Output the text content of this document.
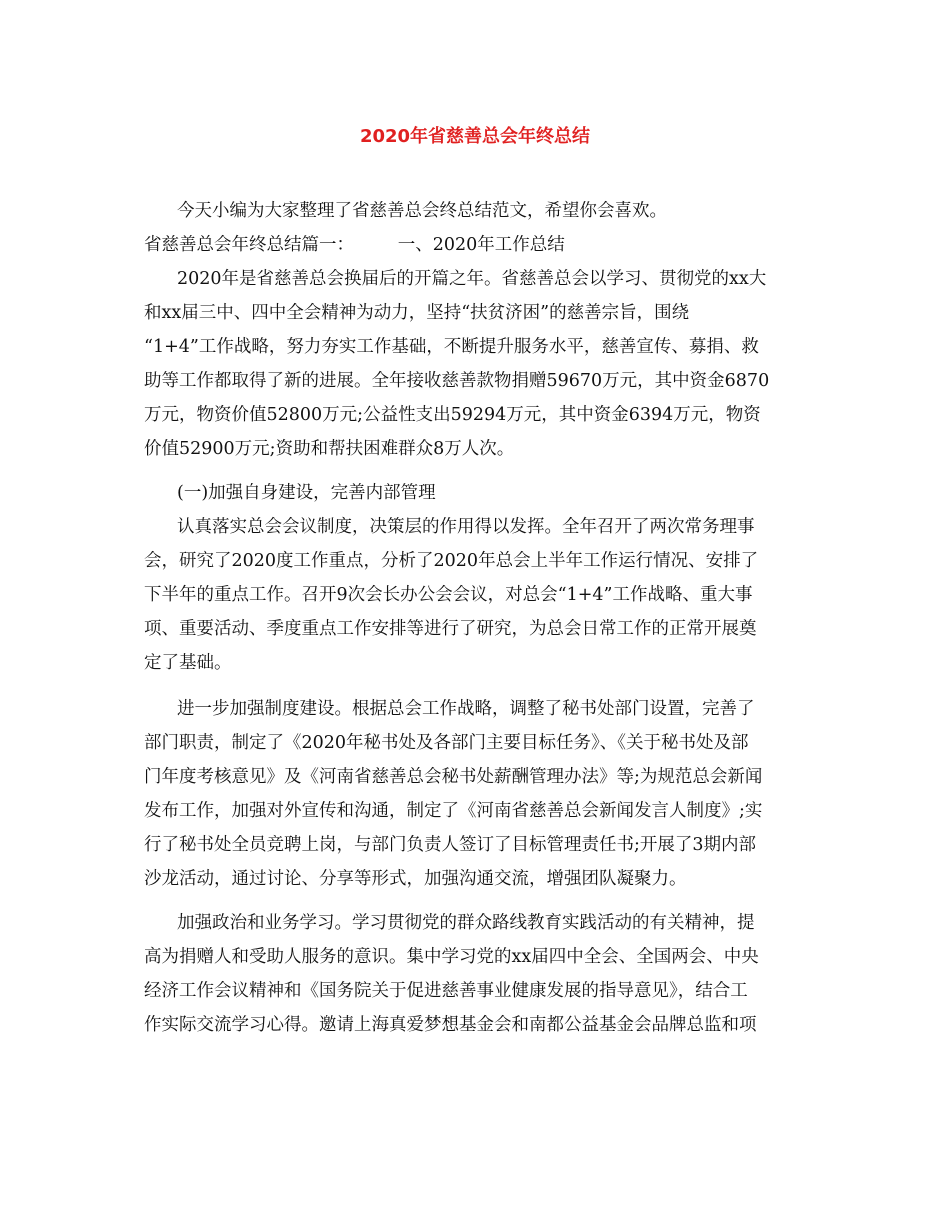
2020年省慈善总会年终总结
今天小编为大家整理了省慈善总会终总结范文，希望你会喜欢。
省慈善总会年终总结篇一：　　　一、2020年工作总结
2020年是省慈善总会换届后的开篇之年。省慈善总会以学习、贯彻党的xx大
和xx届三中、四中全会精神为动力，坚持“扶贫济困”的慈善宗旨，围绕
“1+4”工作战略，努力夯实工作基础，不断提升服务水平，慈善宣传、募捐、救
助等工作都取得了新的进展。全年接收慈善款物捐赠59670万元，其中资金6870
万元，物资价值52800万元;公益性支出59294万元，其中资金6394万元，物资
价值52900万元;资助和帮扶困难群众8万人次。
(一)加强自身建设，完善内部管理
认真落实总会会议制度，决策层的作用得以发挥。全年召开了两次常务理事
会，研究了2020度工作重点，分析了2020年总会上半年工作运行情况、安排了
下半年的重点工作。召开9次会长办公会会议，对总会“1+4”工作战略、重大事
项、重要活动、季度重点工作安排等进行了研究，为总会日常工作的正常开展奠
定了基础。
进一步加强制度建设。根据总会工作战略，调整了秘书处部门设置，完善了
部门职责，制定了《2020年秘书处及各部门主要目标任务》、《关于秘书处及部
门年度考核意见》及《河南省慈善总会秘书处薪酬管理办法》等;为规范总会新闻
发布工作，加强对外宣传和沟通，制定了《河南省慈善总会新闻发言人制度》;实
行了秘书处全员竞聘上岗，与部门负责人签订了目标管理责任书;开展了3期内部
沙龙活动，通过讨论、分享等形式，加强沟通交流，增强团队凝聚力。
加强政治和业务学习。学习贯彻党的群众路线教育实践活动的有关精神，提
高为捐赠人和受助人服务的意识。集中学习党的xx届四中全会、全国两会、中央
经济工作会议精神和《国务院关于促进慈善事业健康发展的指导意见》，结合工
作实际交流学习心得。邀请上海真爱梦想基金会和南都公益基金会品牌总监和项
